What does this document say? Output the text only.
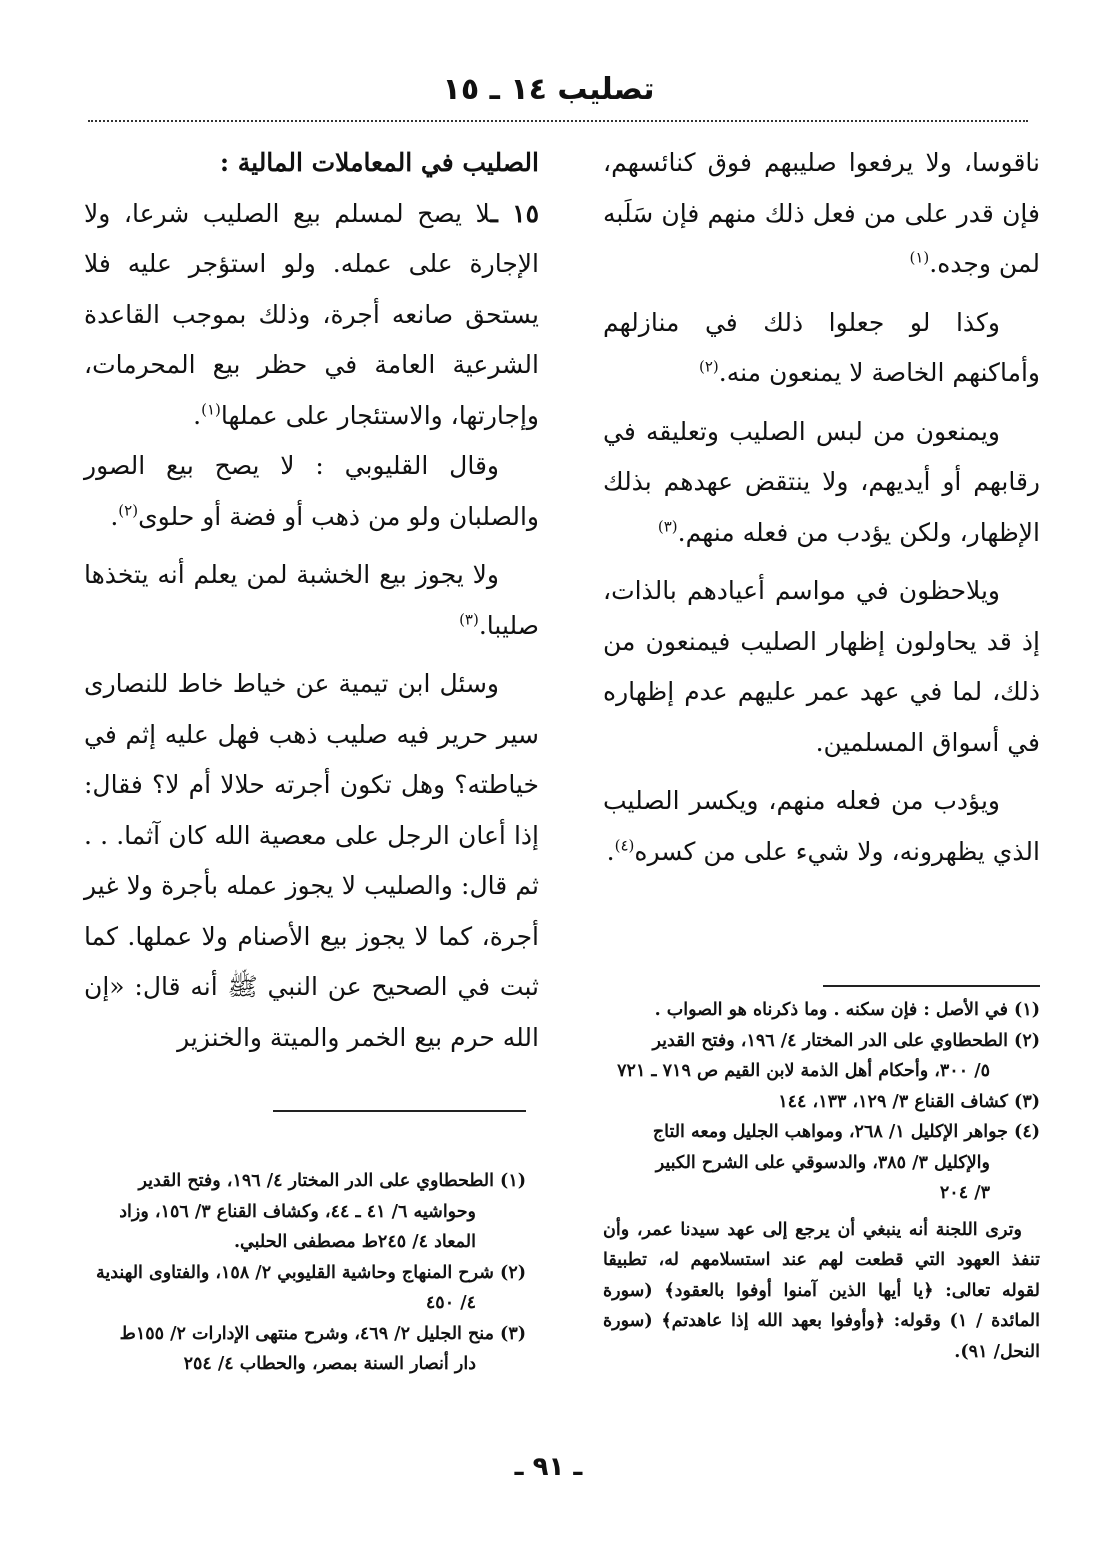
تصليب ١٤ ـ ١٥

ناقوسا، ولا يرفعوا صليبهم فوق كنائسهم، فإن قدر على من فعل ذلك منهم فإن سَلَبه لمن وجده.$^{(١)}$

وكذا لو جعلوا ذلك في منازلهم وأماكنهم الخاصة لا يمنعون منه.$^{(٢)}$

ويمنعون من لبس الصليب وتعليقه في رقابهم أو أيديهم، ولا ينتقض عهدهم بذلك الإظهار، ولكن يؤدب من فعله منهم.$^{(٣)}$

ويلاحظون في مواسم أعيادهم بالذات، إذ قد يحاولون إظهار الصليب فيمنعون من ذلك، لما في عهد عمر عليهم عدم إظهاره في أسواق المسلمين.

ويؤدب من فعله منهم، ويكسر الصليب الذي يظهرونه، ولا شيء على من كسره$^{(٤)}$.

الصليب في المعاملات المالية :

١٥ ـلا يصح لمسلم بيع الصليب شرعا، ولا الإجارة على عمله. ولو استؤجر عليه فلا يستحق صانعه أجرة، وذلك بموجب القاعدة الشرعية العامة في حظر بيع المحرمات، وإجارتها، والاستئجار على عملها$^{(١)}$.

وقال القليوبي : لا يصح بيع الصور والصلبان ولو من ذهب أو فضة أو حلوى$^{(٢)}$.

ولا يجوز بيع الخشبة لمن يعلم أنه يتخذها صليبا.$^{(٣)}$

وسئل ابن تيمية عن خياط خاط للنصارى سير حرير فيه صليب ذهب فهل عليه إثم في خياطته؟ وهل تكون أجرته حلالا أم لا؟ فقال: إذا أعان الرجل على معصية الله كان آثما. . . ثم قال: والصليب لا يجوز عمله بأجرة ولا غير أجرة، كما لا يجوز بيع الأصنام ولا عملها. كما ثبت في الصحيح عن النبي ﷺ أنه قال: «إن الله حرم بيع الخمر والميتة والخنزير

(١) في الأصل : فإن سكنه . وما ذكرناه هو الصواب .

(٢) الطحطاوي على الدر المختار ٤/ ١٩٦، وفتح القدير

٥/ ٣٠٠، وأحكام أهل الذمة لابن القيم ص ٧١٩ ـ ٧٢١

(٣) كشاف القناع ٣/ ١٢٩، ١٣٣، ١٤٤

(٤) جواهر الإكليل ١/ ٢٦٨، ومواهب الجليل ومعه التاج

والإكليل ٣/ ٣٨٥، والدسوقي على الشرح الكبير

٣/ ٢٠٤

وترى اللجنة أنه ينبغي أن يرجع إلى عهد سيدنا عمر، وأن تنفذ العهود التي قطعت لهم عند استسلامهم له، تطبيقا لقوله تعالى: ﴿يا أيها الذين آمنوا أوفوا بالعقود﴾ (سورة المائدة / ١) وقوله: ﴿وأوفوا بعهد الله إذا عاهدتم﴾ (سورة النحل/ ٩١).

(١) الطحطاوي على الدر المختار ٤/ ١٩٦، وفتح القدير

وحواشيه ٦/ ٤١ ـ ٤٤، وكشاف القناع ٣/ ١٥٦، وزاد

المعاد ٤/ ٢٤٥ط مصطفى الحلبي.

(٢) شرح المنهاج وحاشية القليوبي ٢/ ١٥٨، والفتاوى الهندية

٤/ ٤٥٠

(٣) منح الجليل ٢/ ٤٦٩، وشرح منتهى الإدارات ٢/ ١٥٥ط

دار أنصار السنة بمصر، والحطاب ٤/ ٢٥٤

ـ ٩١ ـ
